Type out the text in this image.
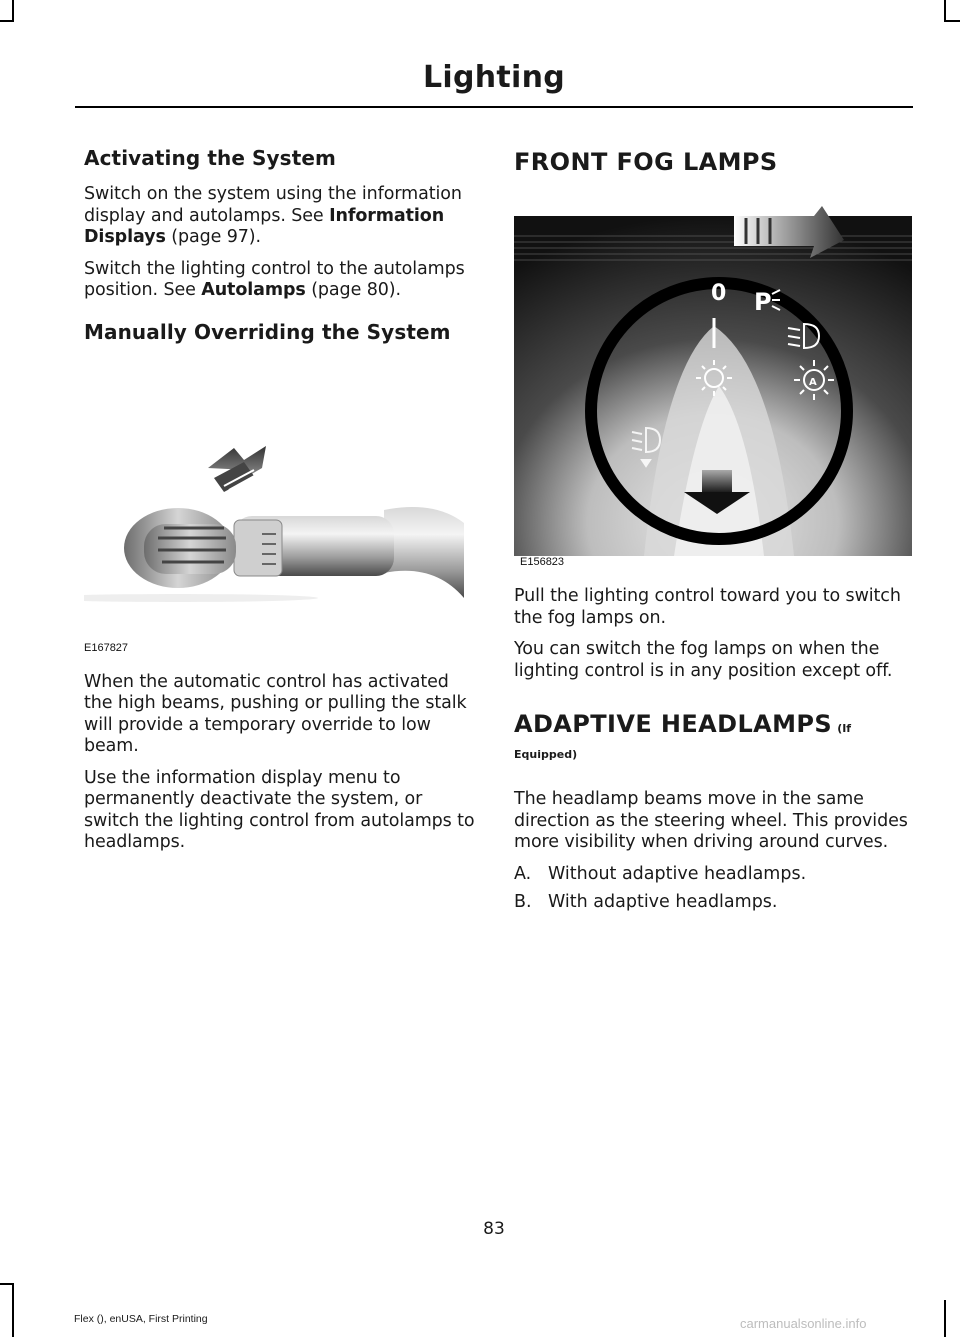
Lighting
Activating the System

Switch on the system using the information display and autolamps. See Information Displays (page 97).

Switch the lighting control to the autolamps position. See Autolamps (page 80).

Manually Overriding the System
E167827

When the automatic control has activated the high beams, pushing or pulling the stalk will provide a temporary override to low beam.

Use the information display menu to permanently deactivate the system, or switch the lighting control from autolamps to headlamps.

FRONT FOG LAMPS
0 P
A
E156823

Pull the lighting control toward you to switch the fog lamps on.

You can switch the fog lamps on when the lighting control is in any position except off.

ADAPTIVE HEADLAMPS (If
Equipped)

The headlamp beams move in the same direction as the steering wheel. This provides more visibility when driving around curves.

A. Without adaptive headlamps.
B. With adaptive headlamps.
83
Flex (), enUSA, First Printing	carmanualsonline.info
